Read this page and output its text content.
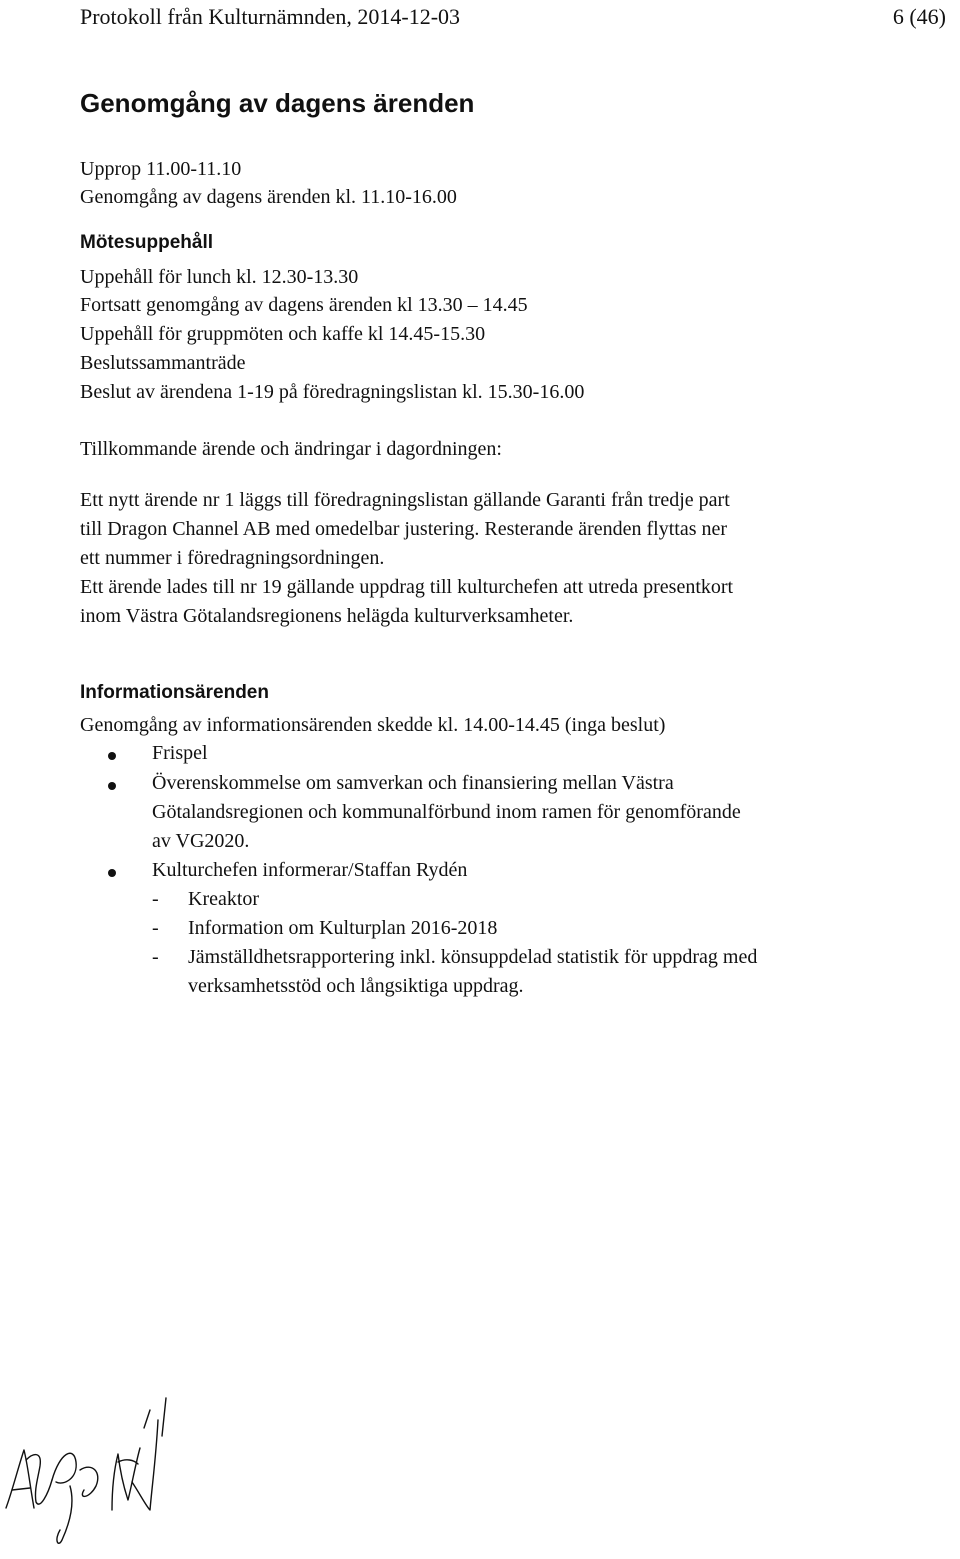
Protokoll från Kulturnämnden, 2014-12-03	6 (46)
Genomgång av dagens ärenden
Upprop 11.00-11.10
Genomgång av dagens ärenden kl. 11.10-16.00
Mötesuppehåll
Uppehåll för lunch kl. 12.30-13.30
Fortsatt genomgång av dagens ärenden kl 13.30 – 14.45
Uppehåll för gruppmöten och kaffe kl 14.45-15.30
Beslutssammanträde
Beslut av ärendena 1-19 på föredragningslistan kl. 15.30-16.00
Tillkommande ärende och ändringar i dagordningen:
Ett nytt ärende nr 1 läggs till föredragningslistan gällande Garanti från tredje part
till Dragon Channel AB med omedelbar justering. Resterande ärenden flyttas ner
ett nummer i föredragningsordningen.
Ett ärende lades till nr 19 gällande uppdrag till kulturchefen att utreda presentkort
inom Västra Götalandsregionens helägda kulturverksamheter.
Informationsärenden
Genomgång av informationsärenden skedde kl. 14.00-14.45 (inga beslut)
Frispel
Överenskommelse om samverkan och finansiering mellan Västra
Götalandsregionen och kommunalförbund inom ramen för genomförande
av VG2020.
Kulturchefen informerar/Staffan Rydén
- Kreaktor
- Information om Kulturplan 2016-2018
- Jämställdhetsrapportering inkl. könsuppdelad statistik för uppdrag med
verksamhetsstöd och långsiktiga uppdrag.
